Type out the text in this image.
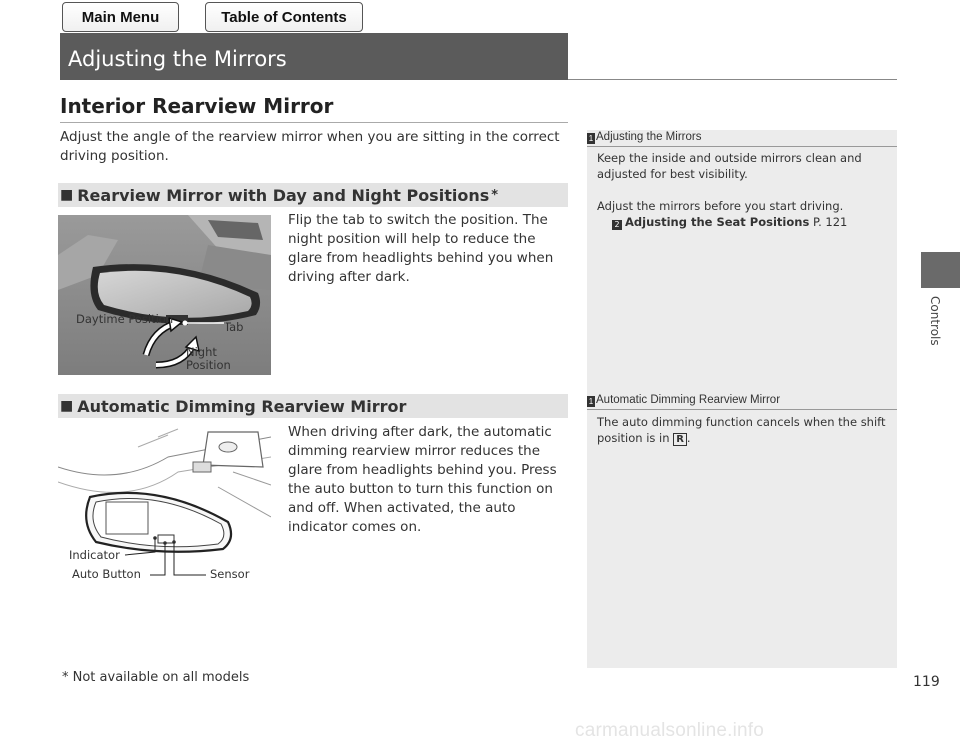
Main Menu	Table of Contents
Adjusting the Mirrors
Controls
Interior Rearview Mirror
Adjust the angle of the rearview mirror when you are sitting in the correct driving position.
■ Rearview Mirror with Day and Night Positions *
Flip the tab to switch the position. The night position will help to reduce the glare from headlights behind you when driving after dark.
Daytime Position
Tab
Night Position
■ Automatic Dimming Rearview Mirror
When driving after dark, the automatic dimming rearview mirror reduces the glare from headlights behind you. Press the auto button to turn this function on and off. When activated, the auto indicator comes on.
Indicator
Auto Button	Sensor
1 Adjusting the Mirrors
Keep the inside and outside mirrors clean and adjusted for best visibility.
Adjust the mirrors before you start driving.
2 Adjusting the Seat Positions P. 121
1 Automatic Dimming Rearview Mirror
The auto dimming function cancels when the shift position is in R .
* Not available on all models	119
carmanualsonline.info
